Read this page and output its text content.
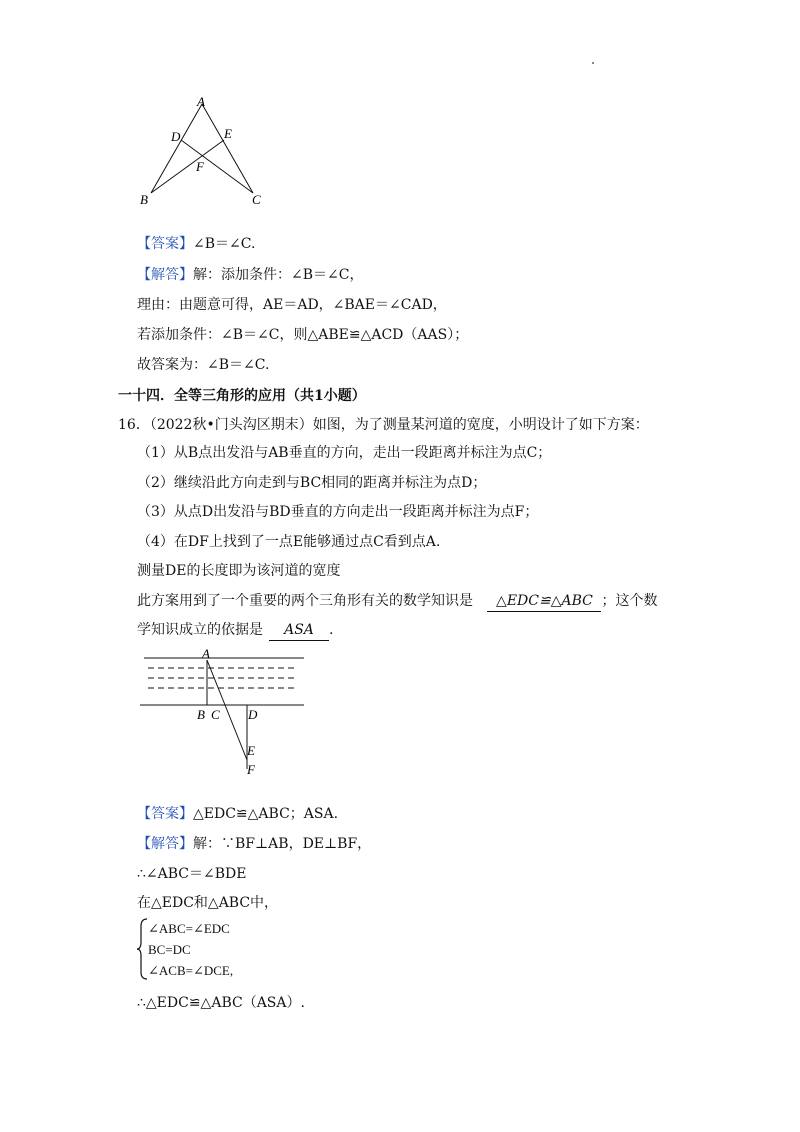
A
D	E
F
B	C
【答案】∠B＝∠C.
【解答】解：添加条件：∠B＝∠C，
理由：由题意可得，AE＝AD，∠BAE＝∠CAD，
若添加条件：∠B＝∠C，则△ABE≌△ACD（AAS）；
故答案为：∠B＝∠C.
一十四．全等三角形的应用（共1小题）
16．（2022秋•门头沟区期末）如图，为了测量某河道的宽度，小明设计了如下方案：
（1）从B点出发沿与AB垂直的方向，走出一段距离并标注为点C；
（2）继续沿此方向走到与BC相同的距离并标注为点D；
（3）从点D出发沿与BD垂直的方向走出一段距离并标注为点F；
（4）在DF上找到了一点E能够通过点C看到点A.
测量DE的长度即为该河道的宽度
此方案用到了一个重要的两个三角形有关的数学知识是 △EDC≌△ABC ；这个数
学知识成立的依据是 ASA .
A
B C D
E
F
【答案】△EDC≌△ABC；ASA.
【解答】解：∵BF⊥AB，DE⊥BF，
∴∠ABC＝∠BDE
在△EDC和△ABC中，
∠ABC=∠EDC
BC=DC
∠ACB=∠DCE,
∴△EDC≌△ABC（ASA）.
